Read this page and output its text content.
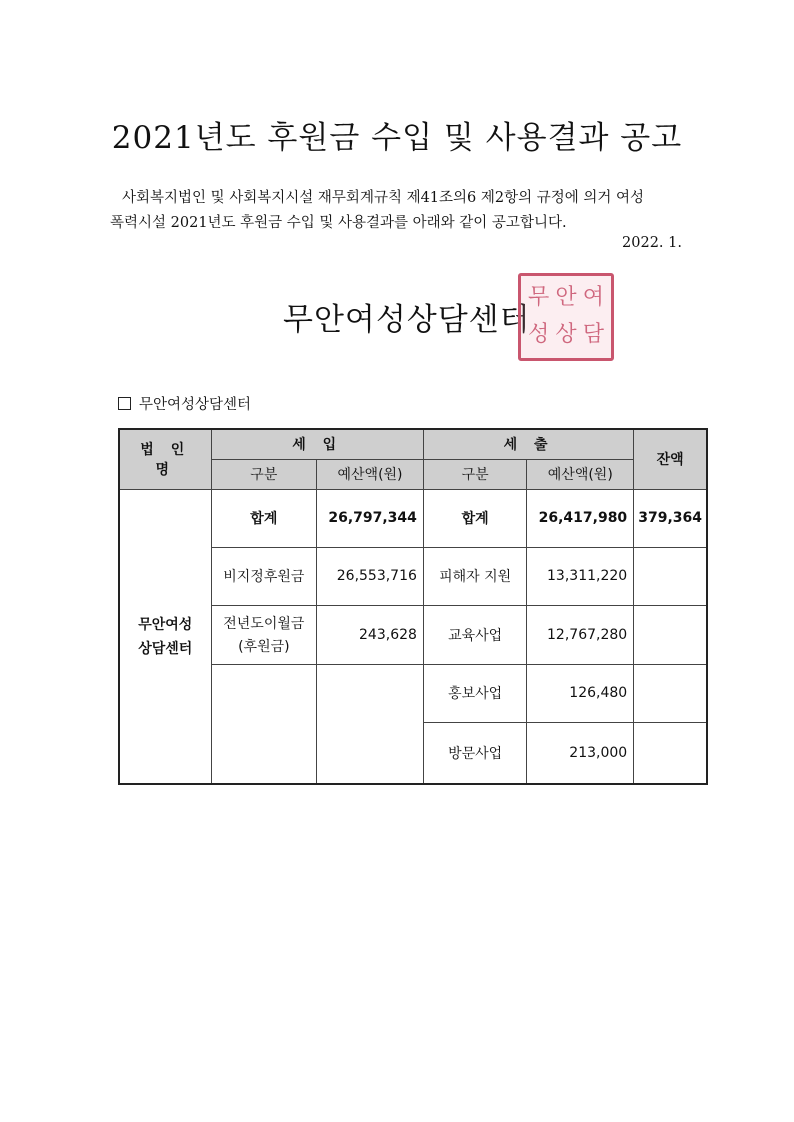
2021년도 후원금 수입 및 사용결과 공고
사회복지법인 및 사회복지시설 재무회계규칙 제41조의6 제2항의 규정에 의거 여성
폭력시설 2021년도 후원금 수입 및 사용결과를 아래와 같이 공고합니다.
2022. 1.
무안여성상담센터
무 안 여
성 상 담
무안여성상담센터
법 인 명	세 입		세 출		잔액
	구분	예산액(원)	구분	예산액(원)	

무안여성
상담센터	합계	26,797,344	합계	26,417,980	379,364
	비지정후원금	26,553,716	피해자 지원	13,311,220	

	전년도이월금
(후원금)	243,628	교육사업	12,767,280	
			홍보사업	126,480	
			방문사업	213,000	
